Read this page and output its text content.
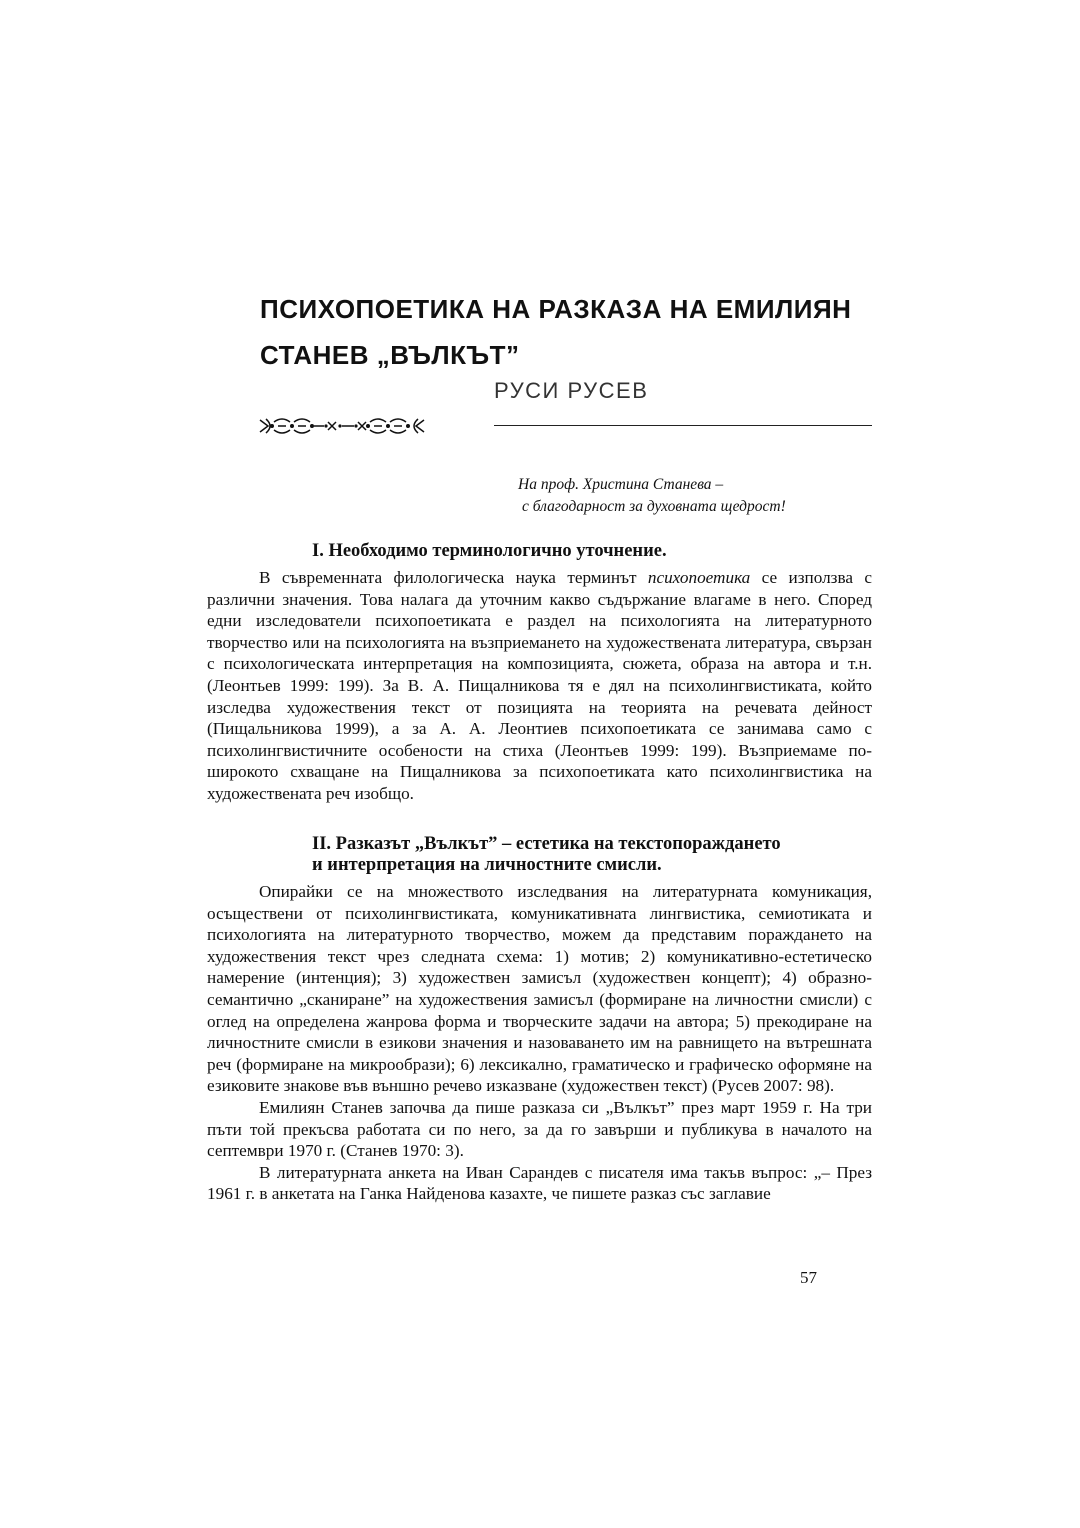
ПСИХОПОЕТИКА НА РАЗКАЗА НА ЕМИЛИЯН
СТАНЕВ „ВЪЛКЪТ”
РУСИ РУСЕВ
На проф. Христина Станева –
с благодарност за духовната щедрост!
I. Необходимо терминологично уточнение.

В съвременната филологическа наука терминът психопоетика се използва с различни значения. Това налага да уточним какво съдържание влагаме в него. Според едни изследователи психопоетиката е раздел на психологията на литературното творчество или на психологията на възприемането на художествената литература, свързан с психологическата интерпретация на композицията, сюжета, образа на автора и т.н. (Леонтьев 1999: 199). За В. А. Пищалникова тя е дял на психолингвистиката, който изследва художествения текст от позицията на теорията на речевата дейност (Пищальникова 1999), а за А. А. Леонтиев психопоетиката се занимава само с психолингвистичните особености на стиха (Леонтьев 1999: 199). Възприемаме по-широкото схващане на Пищалникова за психопоетиката като психолингвистика на художествената реч изобщо.

II. Разказът „Вълкът” – естетика на текстопораждането
и интерпретация на личностните смисли.

Опирайки се на множеството изследвания на литературната комуникация, осъществени от психолингвистиката, комуникативната лингвистика, семиотиката и психологията на литературното творчество, можем да представим пораждането на художествения текст чрез следната схема: 1) мотив; 2) комуникативно-естетическо намерение (интенция); 3) художествен замисъл (художествен концепт); 4) образно-семантично „сканиране” на художествения замисъл (формиране на личностни смисли) с оглед на определена жанрова форма и творческите задачи на автора; 5) прекодиране на личностните смисли в езикови значения и назоваването им на равнището на вътрешната реч (формиране на микрообрази); 6) лексикално, граматическо и графическо оформяне на езиковите знакове във външно речево изказване (художествен текст) (Русев 2007: 98).

Емилиян Станев започва да пише разказа си „Вълкът” през март 1959 г. На три пъти той прекъсва работата си по него, за да го завърши и публикува в началото на септември 1970 г. (Станев 1970: 3).

В литературната анкета на Иван Сарандев с писателя има такъв въпрос: „– През 1961 г. в анкетата на Ганка Найденова казахте, че пишете разказ със заглавие

57
